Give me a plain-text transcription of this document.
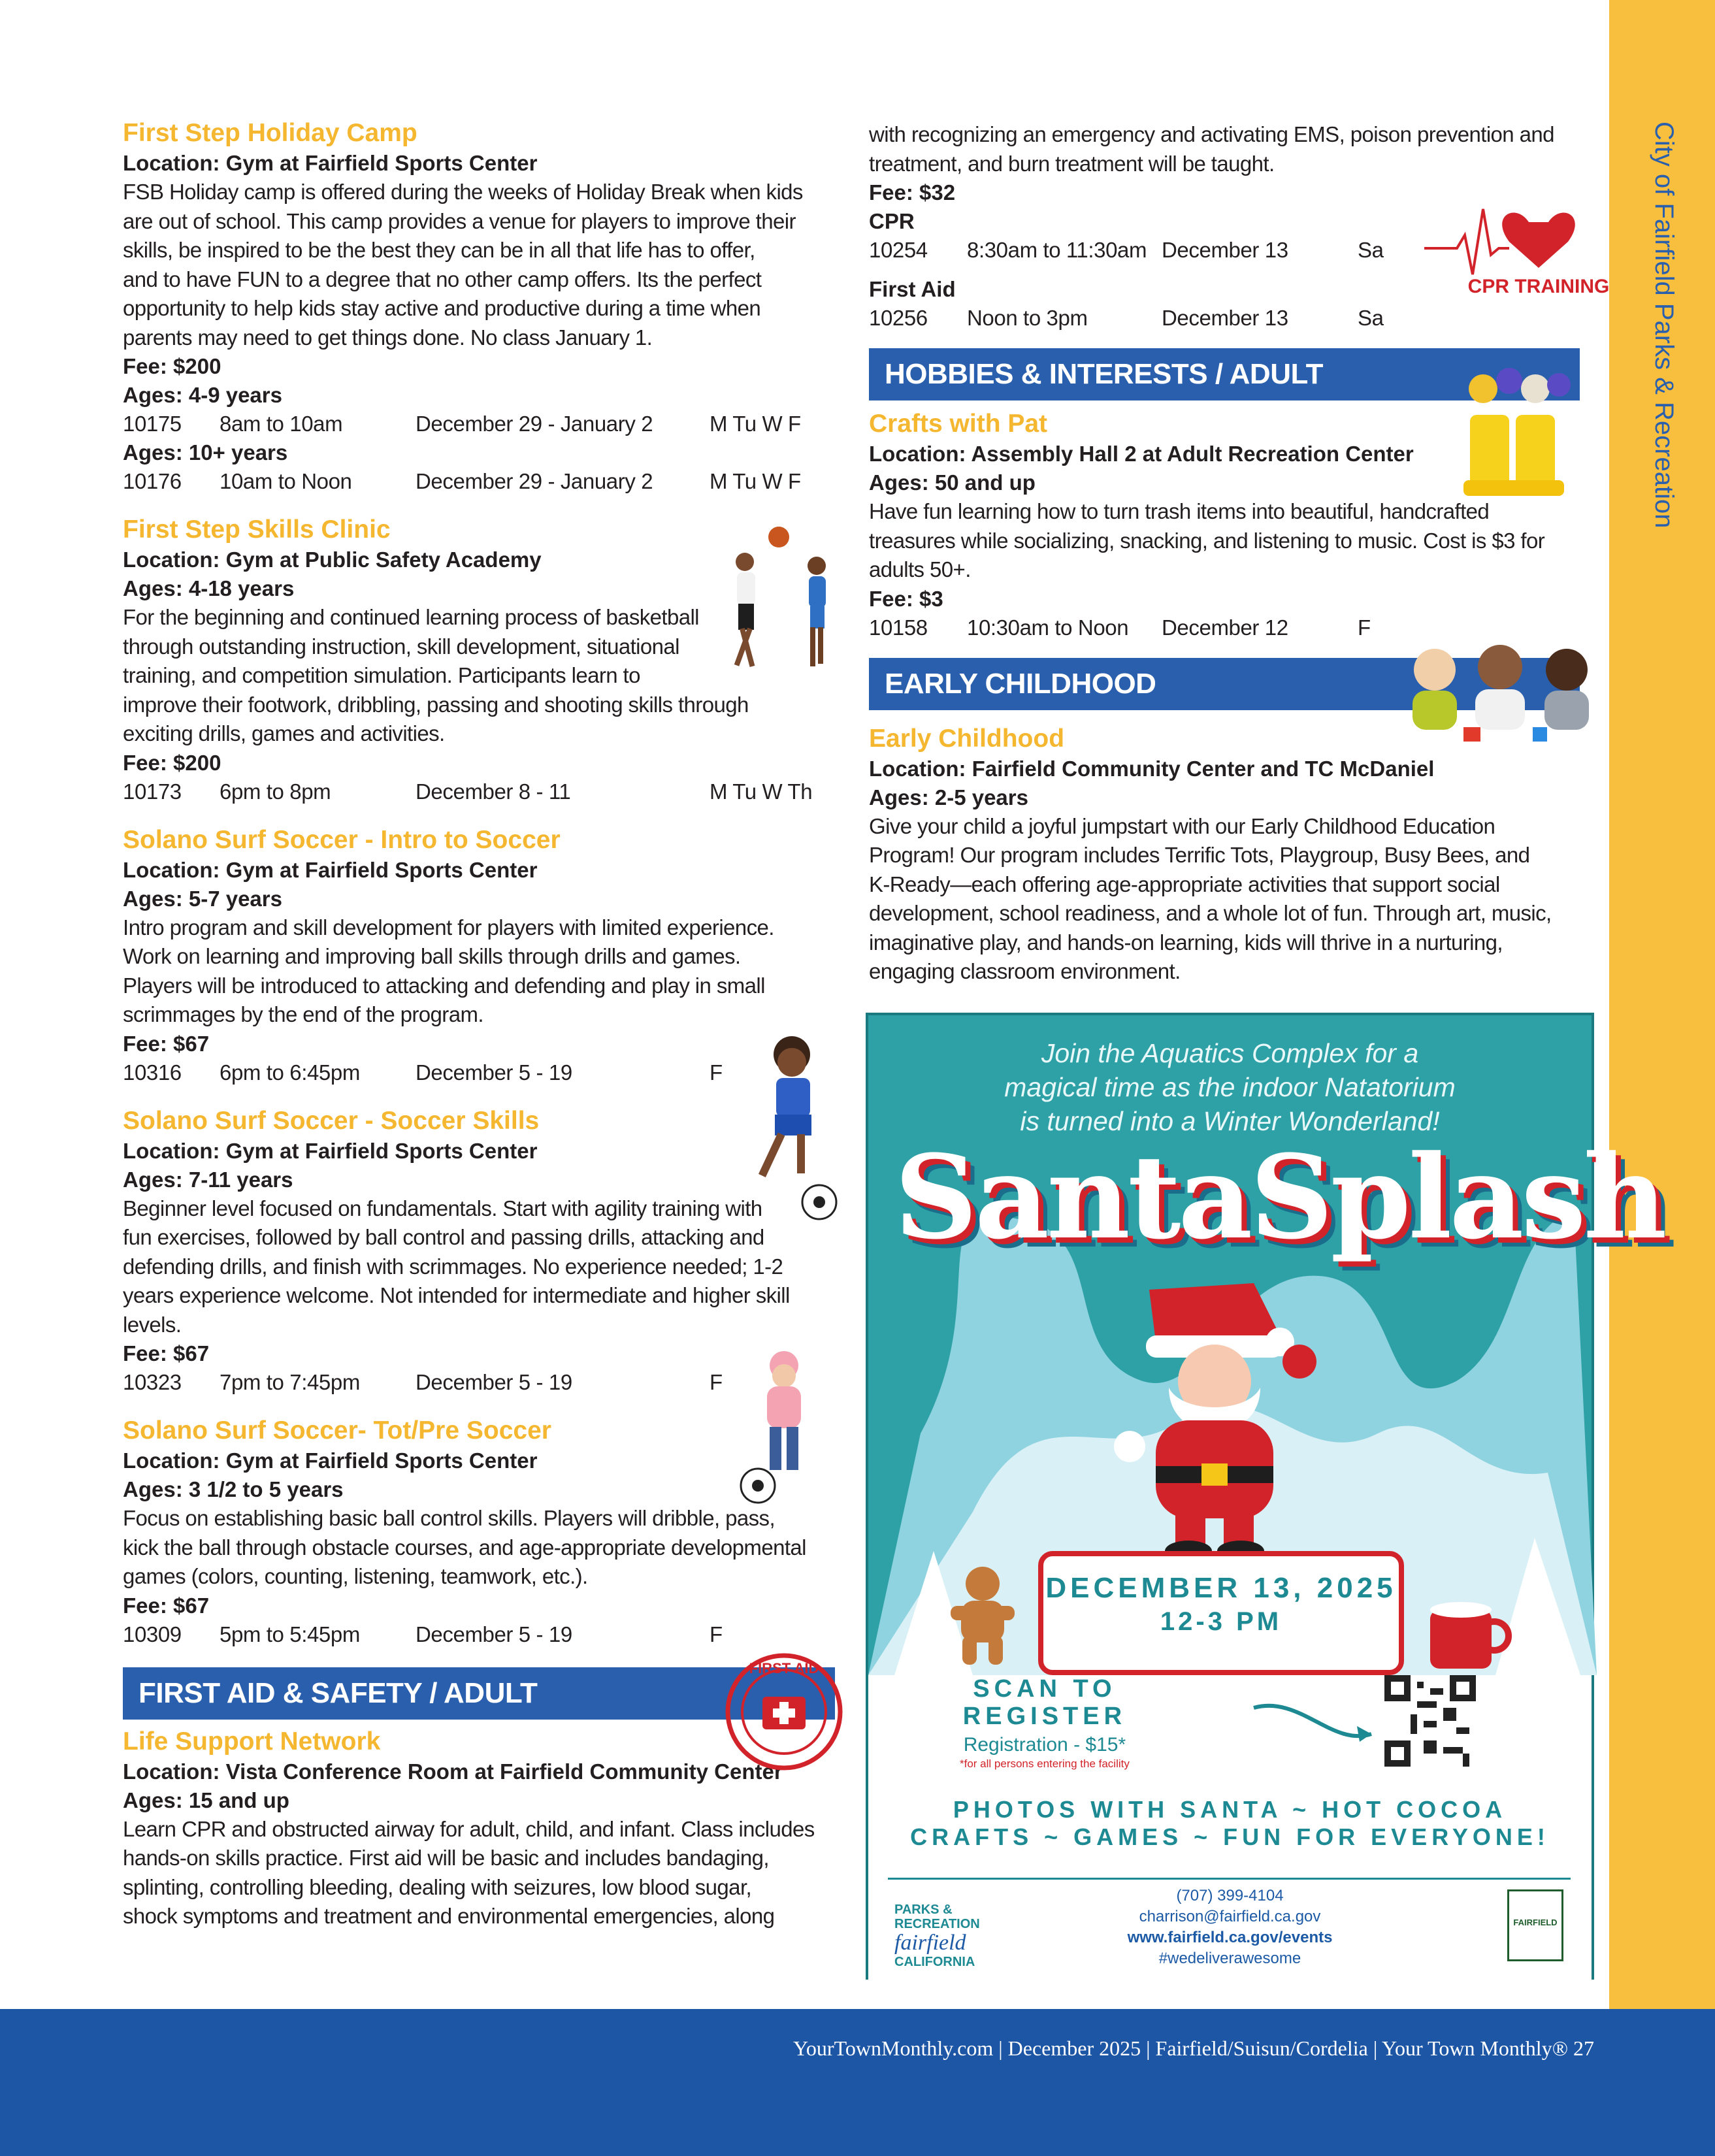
City of Fairfield Parks & Recreation
First Step Holiday Camp
Location: Gym at Fairfield Sports Center
FSB Holiday camp is offered during the weeks of Holiday Break when kids
are out of school. This camp provides a venue for players to improve their
skills, be inspired to be the best they can be in all that life has to offer,
and to have FUN to a degree that no other camp offers. Its the perfect
opportunity to help kids stay active and productive during a time when
parents may need to get things done. No class January 1.
Fee: $200
Ages: 4-9 years
10175	8am to 10am	December 29 - January 2	M Tu W F
Ages: 10+ years
10176	10am to Noon	December 29 - January 2	M Tu W F
First Step Skills Clinic
Location: Gym at Public Safety Academy
Ages: 4-18 years
For the beginning and continued learning process of basketball
through outstanding instruction, skill development, situational
training, and competition simulation. Participants learn to
improve their footwork, dribbling, passing and shooting skills through
exciting drills, games and activities.
Fee: $200
10173	6pm to 8pm	December 8 - 11	M Tu W Th
Solano Surf Soccer - Intro to Soccer
Location: Gym at Fairfield Sports Center
Ages: 5-7 years
Intro program and skill development for players with limited experience.
Work on learning and improving ball skills through drills and games.
Players will be introduced to attacking and defending and play in small
scrimmages by the end of the program.
Fee: $67
10316	6pm to 6:45pm	December 5 - 19	F
Solano Surf Soccer - Soccer Skills
Location: Gym at Fairfield Sports Center
Ages: 7-11 years
Beginner level focused on fundamentals. Start with agility training with
fun exercises, followed by ball control and passing drills, attacking and
defending drills, and finish with scrimmages. No experience needed; 1-2
years experience welcome. Not intended for intermediate and higher skill levels.
Fee: $67
10323	7pm to 7:45pm	December 5 - 19	F
Solano Surf Soccer- Tot/Pre Soccer
Location: Gym at Fairfield Sports Center
Ages: 3 1/2 to 5 years
Focus on establishing basic ball control skills. Players will dribble, pass,
kick the ball through obstacle courses, and age-appropriate developmental
games (colors, counting, listening, teamwork, etc.).
Fee: $67
10309	5pm to 5:45pm	December 5 - 19	F
FIRST AID & SAFETY / ADULT
Life Support Network
Location: Vista Conference Room at Fairfield Community Center
Ages: 15 and up
Learn CPR and obstructed airway for adult, child, and infant. Class includes
hands-on skills practice. First aid will be basic and includes bandaging,
splinting, controlling bleeding, dealing with seizures, low blood sugar,
shock symptoms and treatment and environmental emergencies, along
FIRST AID
with recognizing an emergency and activating EMS, poison prevention and
treatment, and burn treatment will be taught.
Fee: $32
CPR
10254	8:30am to 11:30am December 13	Sa
First Aid
10256	Noon to 3pm	December 13	Sa
HOBBIES & INTERESTS / ADULT
Crafts with Pat
Location: Assembly Hall 2 at Adult Recreation Center
Ages: 50 and up
Have fun learning how to turn trash items into beautiful, handcrafted
treasures while socializing, snacking, and listening to music. Cost is $3 for
adults 50+.
Fee: $3
10158	10:30am to Noon	December 12	F
EARLY CHILDHOOD
Early Childhood
Location: Fairfield Community Center and TC McDaniel
Ages: 2-5 years
Give your child a joyful jumpstart with our Early Childhood Education
Program! Our program includes Terrific Tots, Playgroup, Busy Bees, and
K-Ready—each offering age-appropriate activities that support social
development, school readiness, and a whole lot of fun. Through art, music,
imaginative play, and hands-on learning, kids will thrive in a nurturing,
engaging classroom environment.
CPR TRAINING
Join the Aquatics Complex for a
magical time as the indoor Natatorium
is turned into a Winter Wonderland!
SantaSplash
DECEMBER 13, 2025
12-3 PM
SCAN TO
REGISTER
Registration - $15*
*for all persons entering the facility
PHOTOS WITH SANTA ~ HOT COCOA
CRAFTS ~ GAMES ~ FUN FOR EVERYONE!
PARKS &
RECREATION
fairfield
CALIFORNIA
(707) 399-4104
charrison@fairfield.ca.gov
www.fairfield.ca.gov/events
#wedeliverawesome
FAIRFIELD
YourTownMonthly.com | December 2025 | Fairfield/Suisun/Cordelia | Your Town Monthly® 27
